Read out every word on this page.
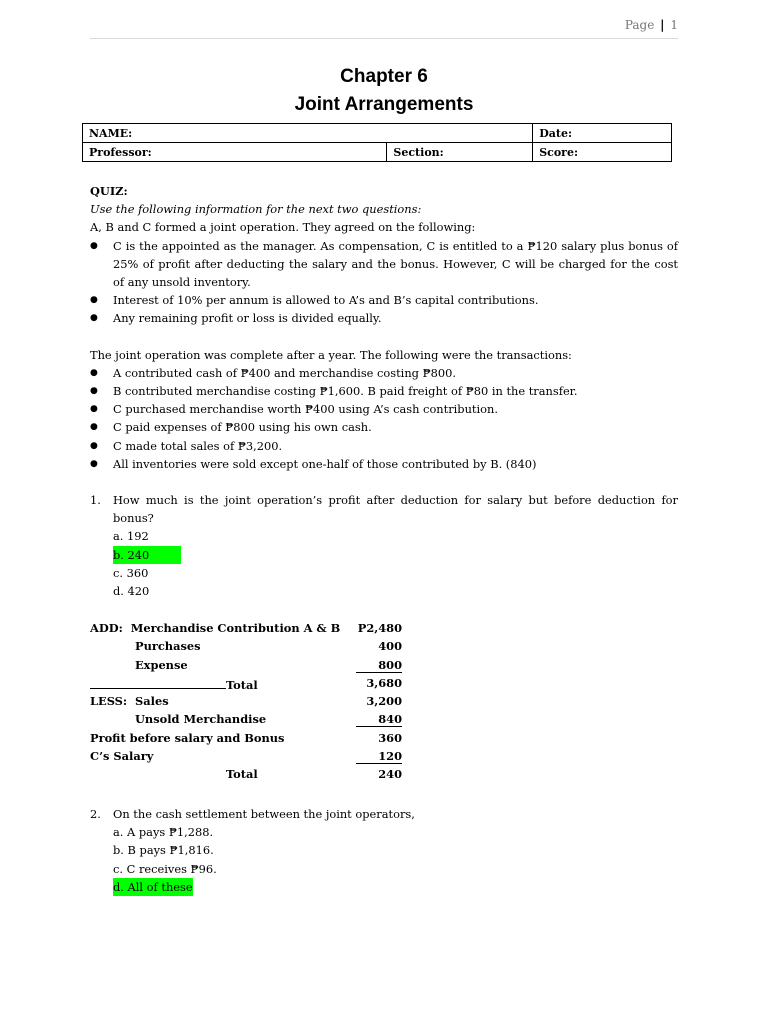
Page | 1
Chapter 6
Joint Arrangements
NAME:		Date:
Professor:	Section:	Score:
QUIZ:
Use the following information for the next two questions:
A, B and C formed a joint operation. They agreed on the following:
● C is the appointed as the manager. As compensation, C is entitled to a ₱120 salary plus bonus of 25% of profit after deducting the salary and the bonus. However, C will be charged for the cost of any unsold inventory.
● Interest of 10% per annum is allowed to A’s and B’s capital contributions.
● Any remaining profit or loss is divided equally.
The joint operation was complete after a year. The following were the transactions:
● A contributed cash of ₱400 and merchandise costing ₱800.
● B contributed merchandise costing ₱1,600. B paid freight of ₱80 in the transfer.
● C purchased merchandise worth ₱400 using A’s cash contribution.
● C paid expenses of ₱800 using his own cash.
● C made total sales of ₱3,200.
● All inventories were sold except one-half of those contributed by B. (840)
1. How much is the joint operation’s profit after deduction for salary but before deduction for bonus?
a. 192
b. 240
c. 360
d. 420
ADD: Merchandise Contribution A & B P2,480
Purchases	400
Expense	800
Total	3,680
LESS: Sales	3,200
Unsold Merchandise	840
Profit before salary and Bonus	360
C’s Salary	120
Total	240
2. On the cash settlement between the joint operators,
a. A pays ₱1,288.
b. B pays ₱1,816.
c. C receives ₱96.
d. All of these
